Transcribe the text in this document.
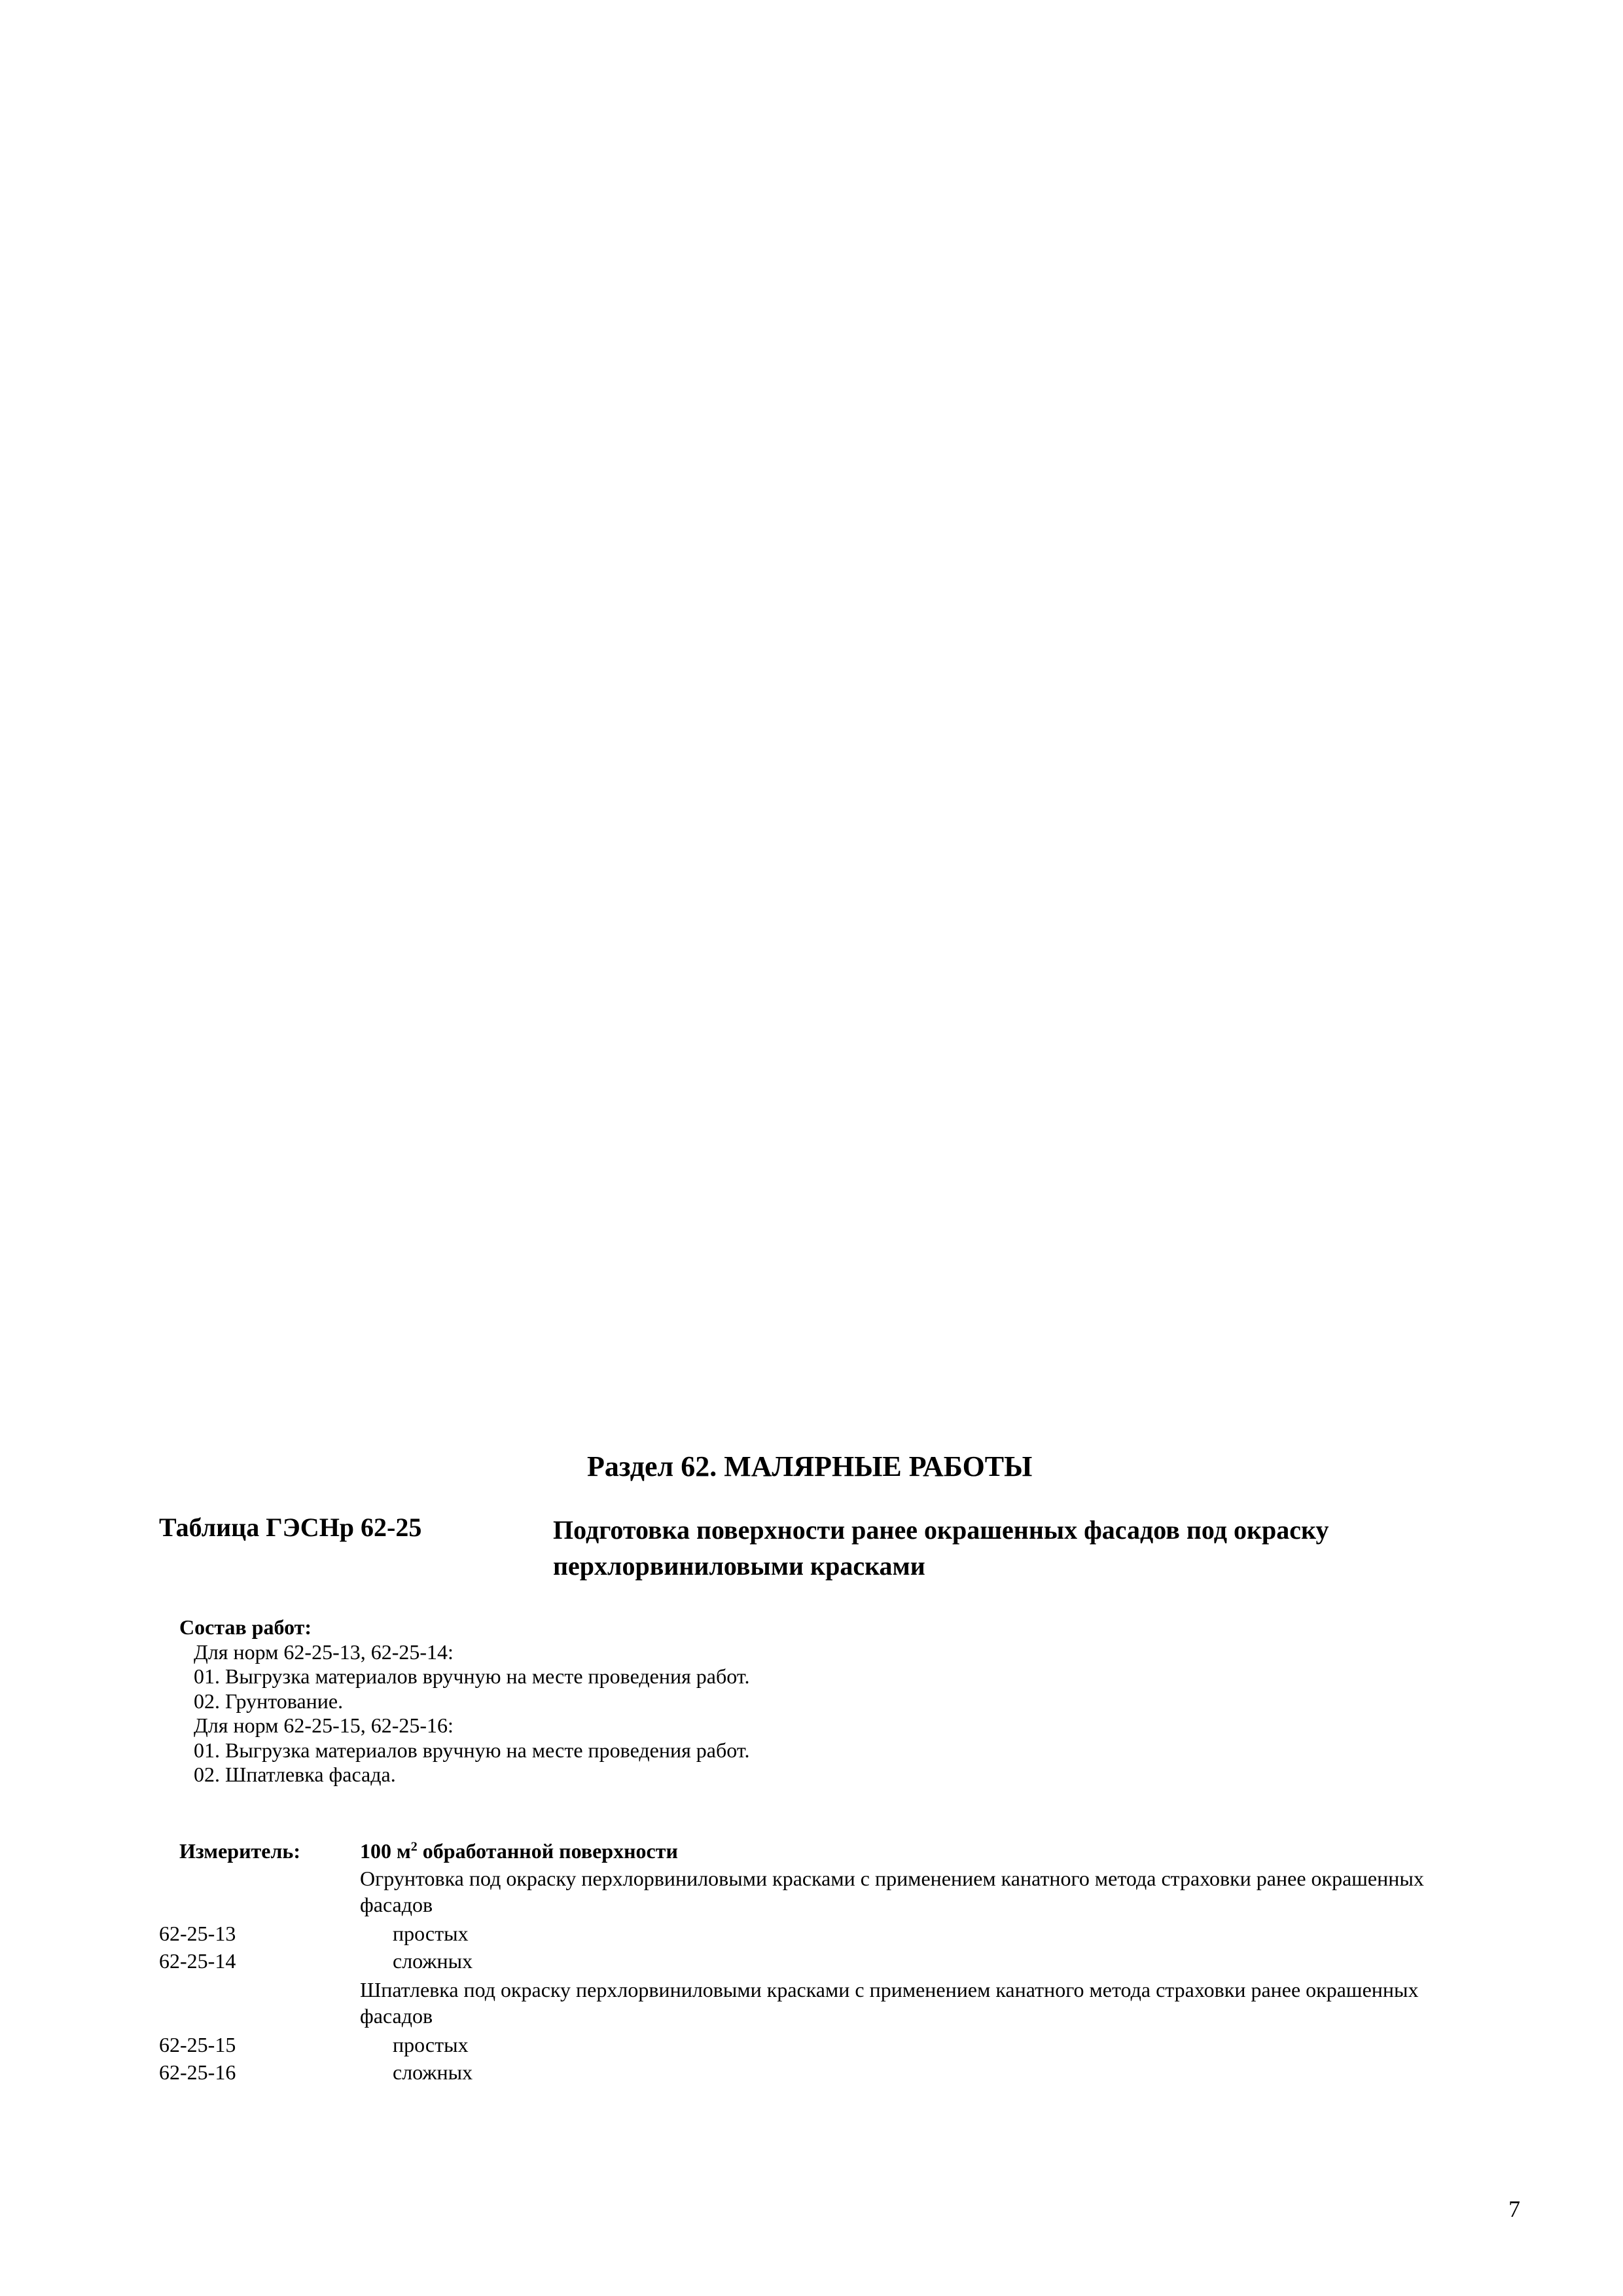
Раздел 62. МАЛЯРНЫЕ РАБОТЫ
Таблица ГЭСНр 62-25	Подготовка поверхности ранее окрашенных фасадов под окраску перхлорвиниловыми красками
Состав работ:
Для норм 62-25-13, 62-25-14:
01. Выгрузка материалов вручную на месте проведения работ.
02. Грунтование.
Для норм 62-25-15, 62-25-16:
01. Выгрузка материалов вручную на месте проведения работ.
02. Шпатлевка фасада.
Измеритель:	100 $м^2$ обработанной поверхности
Огрунтовка под окраску перхлорвиниловыми красками с применением канатного метода страховки ранее окрашенных фасадов
62-25-13	простых
62-25-14	сложных
Шпатлевка под окраску перхлорвиниловыми красками с применением канатного метода страховки ранее окрашенных фасадов
62-25-15	простых
62-25-16	сложных
7
